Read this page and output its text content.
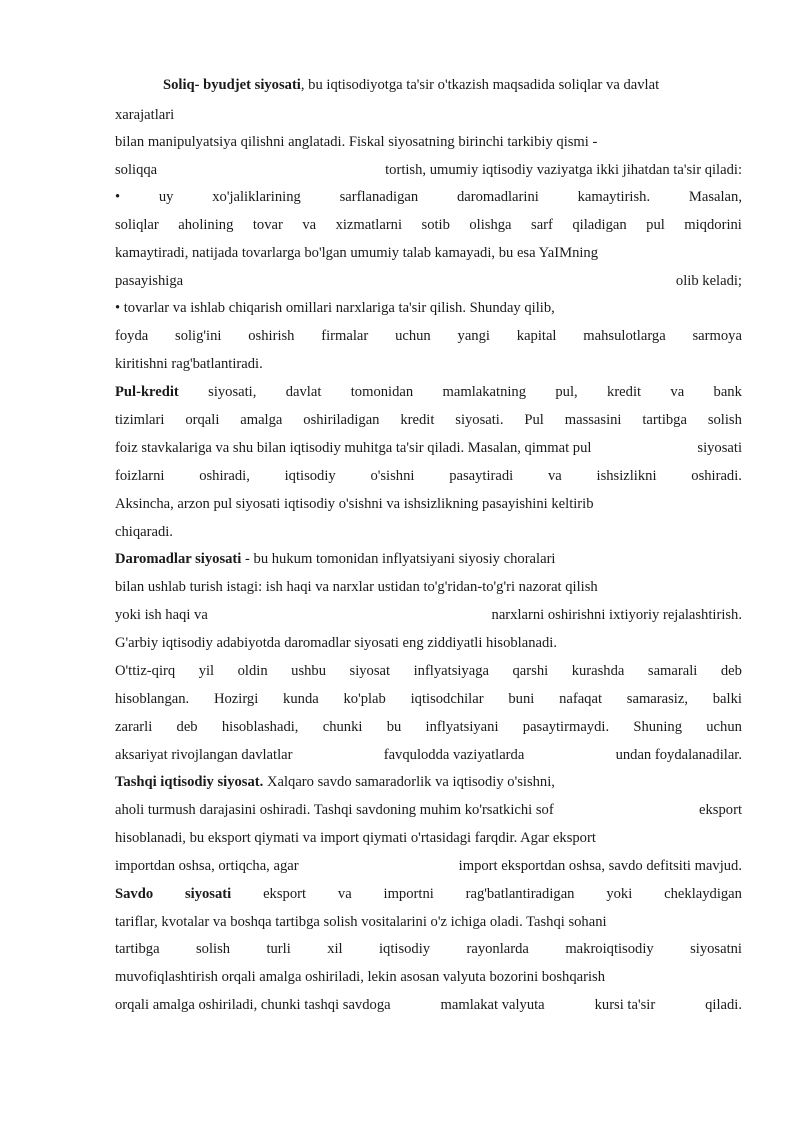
Soliq- byudjet siyosati, bu iqtisodiyotga ta'sir o'tkazish maqsadida soliqlar va davlat
xarajatlari
bilan manipulyatsiya qilishni anglatadi. Fiskal siyosatning birinchi tarkibiy qismi -
soliqqa	tortish, umumiy iqtisodiy vaziyatga ikki jihatdan ta'sir qiladi:
•	uy	xo'jaliklarining	sarflanadigan	daromadlarini	kamaytirish.	Masalan,
soliqlar aholining tovar va xizmatlarni sotib olishga sarf qiladigan pul miqdorini
kamaytiradi, natijada tovarlarga bo'lgan umumiy talab kamayadi, bu esa YaIMning
pasayishiga	olib keladi;
• tovarlar va ishlab chiqarish omillari narxlariga ta'sir qilish. Shunday qilib,
foyda solig'ini oshirish firmalar uchun yangi kapital mahsulotlarga sarmoya
kiritishni rag'batlantiradi.
Pul-kredit siyosati, davlat tomonidan mamlakatning pul, kredit va bank
tizimlari orqali amalga oshiriladigan kredit siyosati. Pul massasini tartibga solish
foiz stavkalariga va shu bilan iqtisodiy muhitga ta'sir qiladi. Masalan, qimmat pul	siyosati
foizlarni oshiradi, iqtisodiy o'sishni pasaytiradi va ishsizlikni oshiradi.
Aksincha, arzon pul siyosati iqtisodiy o'sishni va ishsizlikning pasayishini keltirib
chiqaradi.
Daromadlar siyosati - bu hukum tomonidan inflyatsiyani siyosiy choralari
bilan ushlab turish istagi: ish haqi va narxlar ustidan to'g'ridan-to'g'ri nazorat qilish
yoki ish haqi va	narxlarni oshirishni ixtiyoriy rejalashtirish.
G'arbiy iqtisodiy adabiyotda daromadlar siyosati eng ziddiyatli hisoblanadi.
O'ttiz-qirq yil oldin ushbu siyosat inflyatsiyaga qarshi kurashda samarali deb
hisoblangan. Hozirgi kunda ko'plab iqtisodchilar buni nafaqat samarasiz, balki
zararli deb hisoblashadi, chunki bu inflyatsiyani pasaytirmaydi. Shuning uchun
aksariyat rivojlangan davlatlar	favqulodda vaziyatlarda	undan foydalanadilar.
Tashqi iqtisodiy siyosat. Xalqaro savdo samaradorlik va iqtisodiy o'sishni,
aholi turmush darajasini oshiradi. Tashqi savdoning muhim ko'rsatkichi sof	eksport
hisoblanadi, bu eksport qiymati va import qiymati o'rtasidagi farqdir. Agar eksport
importdan oshsa, ortiqcha, agar	import eksportdan oshsa, savdo defitsiti mavjud.
Savdo siyosati eksport va importni rag'batlantiradigan yoki cheklaydigan
tariflar, kvotalar va boshqa tartibga solish vositalarini o'z ichiga oladi. Tashqi sohani
tartibga solish turli xil iqtisodiy rayonlarda makroiqtisodiy siyosatni
muvofiqlashtirish orqali amalga oshiriladi, lekin asosan valyuta bozorini boshqarish
orqali amalga oshiriladi, chunki tashqi savdoga	mamlakat valyuta	kursi ta'sir	qiladi.
